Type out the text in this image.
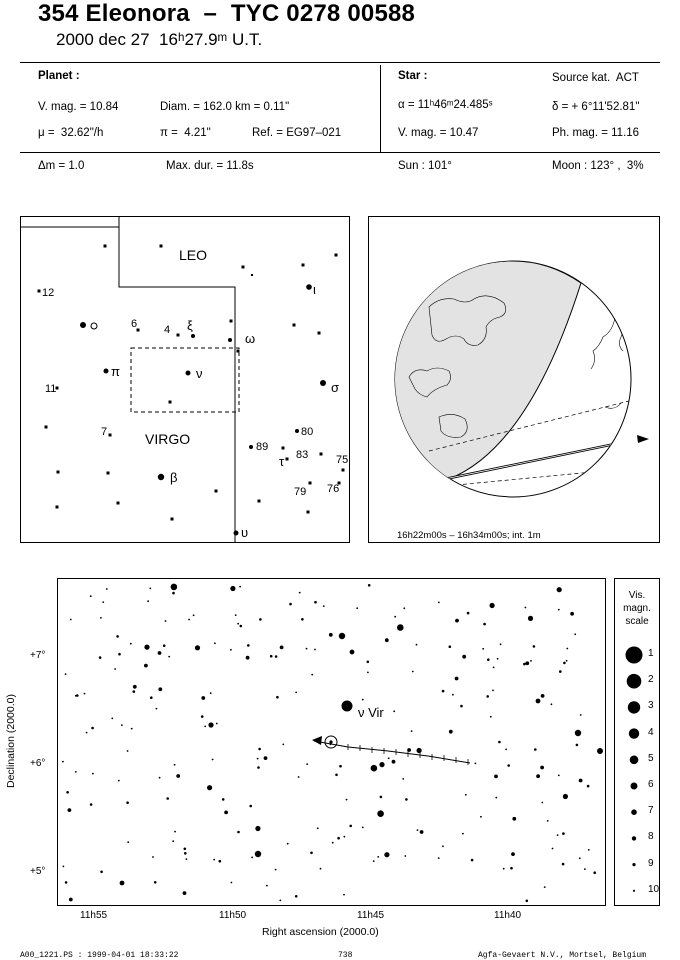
354 Eleonora  –  TYC 0278 00588
2000 dec 27  16ʰ27.9ᵐ U.T.
Planet :
V. mag. = 10.84	Diam. = 162.0 km = 0.11"
μ =  32.62"/h	π =  4.21"	Ref. = EG97–021
Star :	Source kat.  ACT
α = 11ʰ46ᵐ24.485ˢ	δ = + 6°11'52.81"
V. mag. = 10.47	Ph. mag. = 11.16
Δm = 1.0	Max. dur. = 11.8s	Sun : 101°	Moon : 123° ,  3%
LEO
VIRGO
12
11
6 4 ξ
ω
π	ν
σ
ι
7
β
89
80
τ 83	75
79 76
υ	16h22m00s – 16h34m00s; int. 1m
ν Vir
+7°
+6°
+5°
11h55	11h50	11h45	11h40
Right ascension (2000.0)
Declination (2000.0)
Vis.
magn.
scale
1
2
3
4
5
6
7
8
9
10
A00_1221.PS : 1999-04-01 18:33:22	738	Agfa-Gevaert N.V., Mortsel, Belgium
